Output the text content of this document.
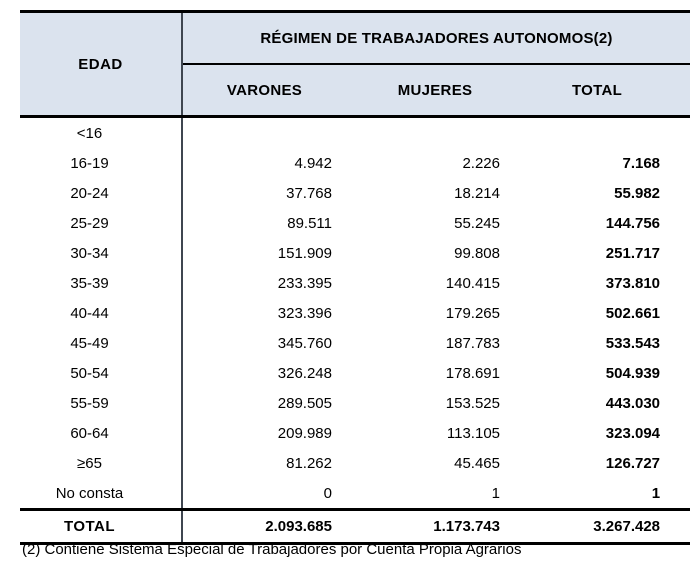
EDAD	RÉGIMEN DE TRABAJADORES AUTONOMOS(2)		
	VARONES	MUJERES	TOTAL
<16			
16-19	4.942	2.226	7.168
20-24	37.768	18.214	55.982
25-29	89.511	55.245	144.756
30-34	151.909	99.808	251.717
35-39	233.395	140.415	373.810
40-44	323.396	179.265	502.661
45-49	345.760	187.783	533.543
50-54	326.248	178.691	504.939
55-59	289.505	153.525	443.030
60-64	209.989	113.105	323.094
≥65	81.262	45.465	126.727
No consta	0	1	1
TOTAL	2.093.685	1.173.743	3.267.428
(2) Contiene Sistema Especial de Trabajadores por Cuenta Propia Agrarios
